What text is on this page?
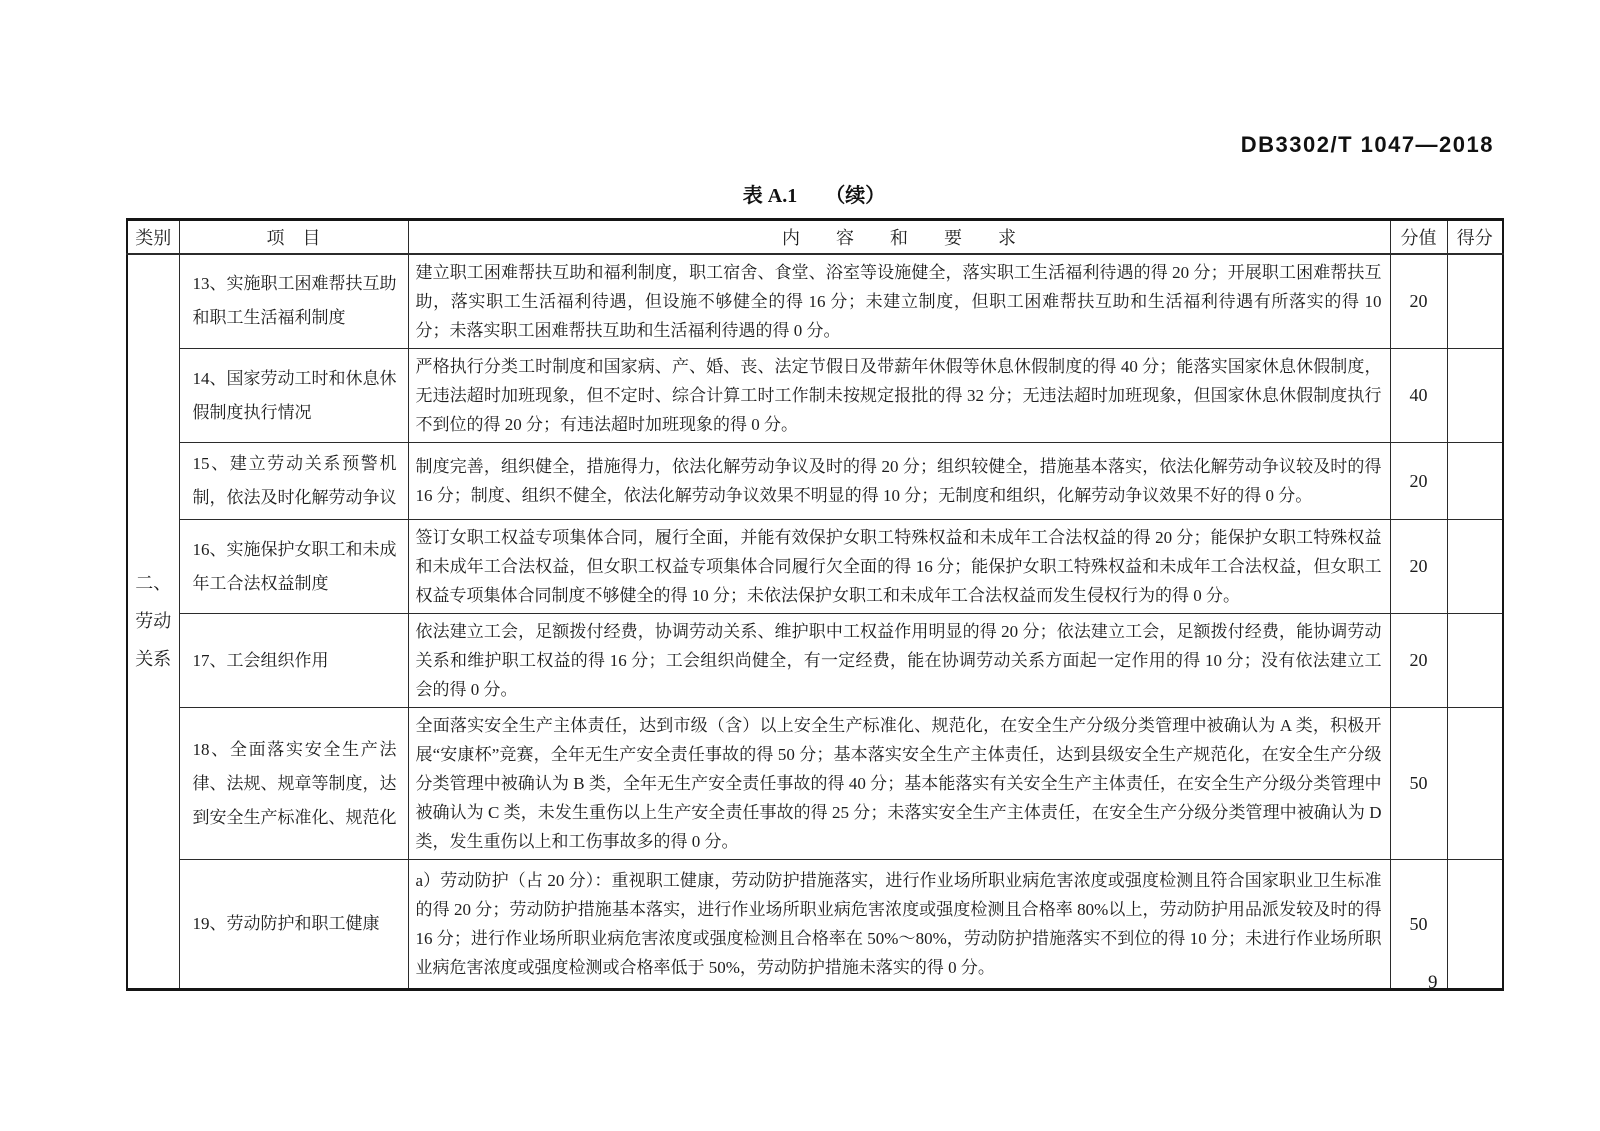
DB3302/T 1047—2018
表 A.1 （续）
类别	项　目	内　　容　　和　　要　　求	分值	得分

二、
劳动
关系	13、实施职工困难帮扶互助和职工生活福利制度	建立职工困难帮扶互助和福利制度，职工宿舍、食堂、浴室等设施健全，落实职工生活福利待遇的得 20 分；开展职工困难帮扶互助，落实职工生活福利待遇，但设施不够健全的得 16 分；未建立制度，但职工困难帮扶互助和生活福利待遇有所落实的得 10 分；未落实职工困难帮扶互助和生活福利待遇的得 0 分。	20	
	14、国家劳动工时和休息休假制度执行情况	严格执行分类工时制度和国家病、产、婚、丧、法定节假日及带薪年休假等休息休假制度的得 40 分；能落实国家休息休假制度，无违法超时加班现象，但不定时、综合计算工时工作制未按规定报批的得 32 分；无违法超时加班现象，但国家休息休假制度执行不到位的得 20 分；有违法超时加班现象的得 0 分。	40	
	15、建立劳动关系预警机制，依法及时化解劳动争议	制度完善，组织健全，措施得力，依法化解劳动争议及时的得 20 分；组织较健全，措施基本落实，依法化解劳动争议较及时的得 16 分；制度、组织不健全，依法化解劳动争议效果不明显的得 10 分；无制度和组织，化解劳动争议效果不好的得 0 分。	20	
	16、实施保护女职工和未成年工合法权益制度	签订女职工权益专项集体合同，履行全面，并能有效保护女职工特殊权益和未成年工合法权益的得 20 分；能保护女职工特殊权益和未成年工合法权益，但女职工权益专项集体合同履行欠全面的得 16 分；能保护女职工特殊权益和未成年工合法权益，但女职工权益专项集体合同制度不够健全的得 10 分；未依法保护女职工和未成年工合法权益而发生侵权行为的得 0 分。	20	
	17、工会组织作用	依法建立工会，足额拨付经费，协调劳动关系、维护职中工权益作用明显的得 20 分；依法建立工会，足额拨付经费，能协调劳动关系和维护职工权益的得 16 分；工会组织尚健全，有一定经费，能在协调劳动关系方面起一定作用的得 10 分；没有依法建立工会的得 0 分。	20	
	18、全面落实安全生产法律、法规、规章等制度，达到安全生产标准化、规范化	全面落实安全生产主体责任，达到市级（含）以上安全生产标准化、规范化，在安全生产分级分类管理中被确认为 A 类，积极开展“安康杯”竞赛，全年无生产安全责任事故的得 50 分；基本落实安全生产主体责任，达到县级安全生产规范化，在安全生产分级分类管理中被确认为 B 类，全年无生产安全责任事故的得 40 分；基本能落实有关安全生产主体责任，在安全生产分级分类管理中被确认为 C 类，未发生重伤以上生产安全责任事故的得 25 分；未落实安全生产主体责任，在安全生产分级分类管理中被确认为 D 类，发生重伤以上和工伤事故多的得 0 分。	50	
	19、劳动防护和职工健康	a）劳动防护（占 20 分）：重视职工健康，劳动防护措施落实，进行作业场所职业病危害浓度或强度检测且符合国家职业卫生标准的得 20 分；劳动防护措施基本落实，进行作业场所职业病危害浓度或强度检测且合格率 80%以上，劳动防护用品派发较及时的得 16 分；进行作业场所职业病危害浓度或强度检测且合格率在 50%～80%，劳动防护措施落实不到位的得 10 分；未进行作业场所职业病危害浓度或强度检测或合格率低于 50%，劳动防护措施未落实的得 0 分。	50	
9
